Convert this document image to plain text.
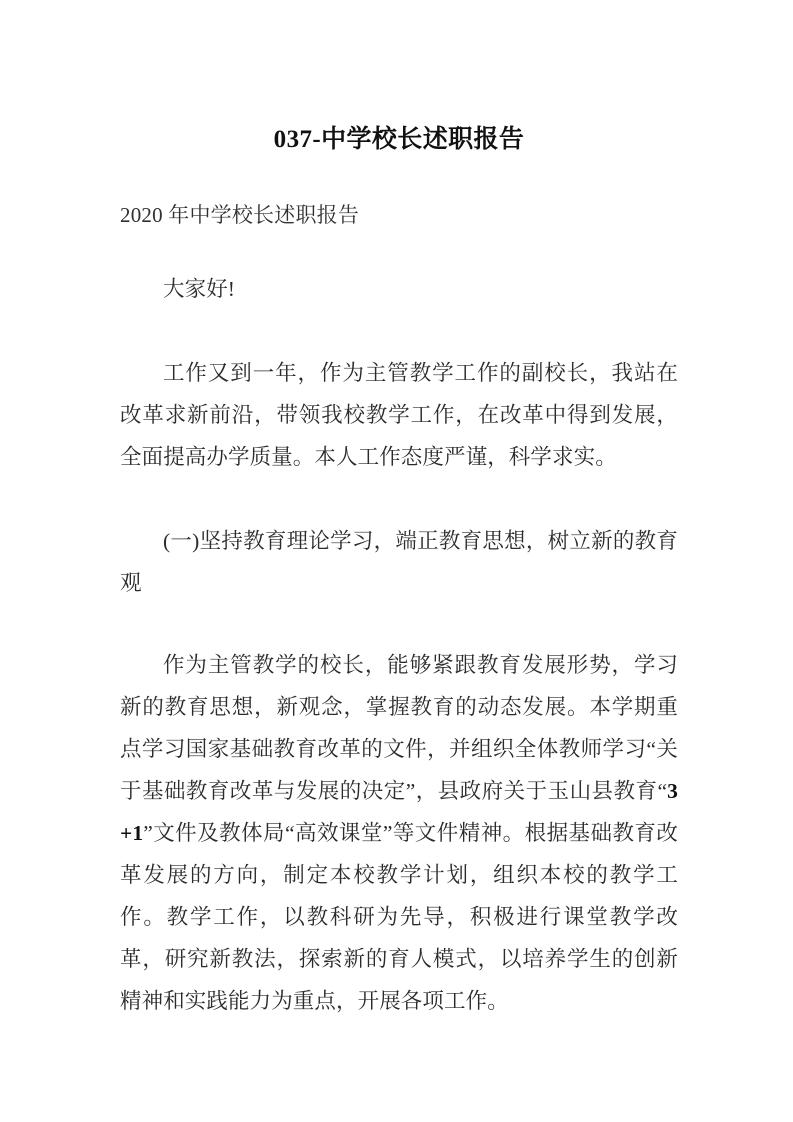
037-中学校长述职报告
2020 年中学校长述职报告

大家好!

工作又到一年，作为主管教学工作的副校长，我站在改革求新前沿，带领我校教学工作，在改革中得到发展，全面提高办学质量。本人工作态度严谨，科学求实。

(一)坚持教育理论学习，端正教育思想，树立新的教育观

作为主管教学的校长，能够紧跟教育发展形势，学习新的教育思想，新观念，掌握教育的动态发展。本学期重点学习国家基础教育改革的文件，并组织全体教师学习“关于基础教育改革与发展的决定”，县政府关于玉山县教育“3+1”文件及教体局“高效课堂”等文件精神。根据基础教育改革发展的方向，制定本校教学计划，组织本校的教学工作。教学工作，以教科研为先导，积极进行课堂教学改革，研究新教法，探索新的育人模式，以培养学生的创新精神和实践能力为重点，开展各项工作。
